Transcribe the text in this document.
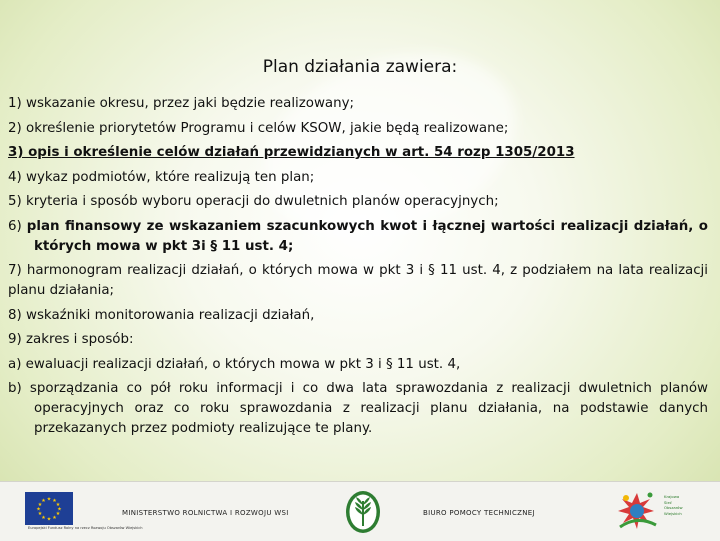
Plan działania zawiera:

1) wskazanie okresu, przez jaki będzie realizowany;

2) określenie priorytetów Programu i celów KSOW, jakie będą realizowane;

3) opis i określenie celów działań przewidzianych w art. 54 rozp 1305/2013

4) wykaz podmiotów, które realizują ten plan;

5) kryteria i sposób wyboru operacji do dwuletnich planów operacyjnych;

6) plan finansowy ze wskazaniem szacunkowych kwot i łącznej wartości realizacji działań, o których mowa w pkt 3i § 11 ust. 4;

7) harmonogram realizacji działań, o których mowa w pkt 3 i § 11 ust. 4, z podziałem na lata realizacji planu działania;

8) wskaźniki monitorowania realizacji działań,

9) zakres i sposób:

a) ewaluacji realizacji działań, o których mowa w pkt 3 i § 11 ust. 4,

b) sporządzania co pół roku informacji i co dwa lata sprawozdania z realizacji dwuletnich planów operacyjnych oraz co roku sprawozdania z realizacji planu działania, na podstawie danych przekazanych przez podmioty realizujące te plany.

★ ★
★
★
★
★
★
★
★
★
★
★
Europejski Fundusz Rolny na rzecz Rozwoju Obszarów Wiejskich
MINISTERSTWO ROLNICTWA I ROZWOJU WSI	BIURO POMOCY TECHNICZNEJ
Krajowa Sieć Obszarów Wiejskich
